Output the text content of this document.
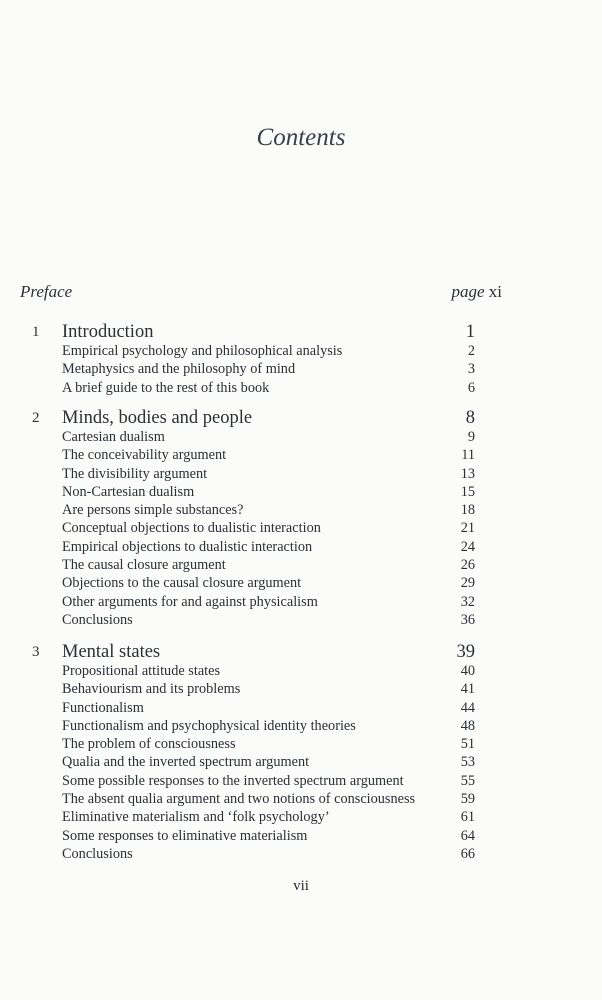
Contents
Preface	page xi
1 Introduction	1
Empirical psychology and philosophical analysis	2
Metaphysics and the philosophy of mind	3
A brief guide to the rest of this book	6
2 Minds, bodies and people	8
Cartesian dualism	9
The conceivability argument	11
The divisibility argument	13
Non-Cartesian dualism	15
Are persons simple substances?	18
Conceptual objections to dualistic interaction	21
Empirical objections to dualistic interaction	24
The causal closure argument	26
Objections to the causal closure argument	29
Other arguments for and against physicalism	32
Conclusions	36
3 Mental states	39
Propositional attitude states	40
Behaviourism and its problems	41
Functionalism	44
Functionalism and psychophysical identity theories	48
The problem of consciousness	51
Qualia and the inverted spectrum argument	53
Some possible responses to the inverted spectrum argument	55
The absent qualia argument and two notions of consciousness	59
Eliminative materialism and ‘folk psychology’	61
Some responses to eliminative materialism	64
Conclusions	66
vii
